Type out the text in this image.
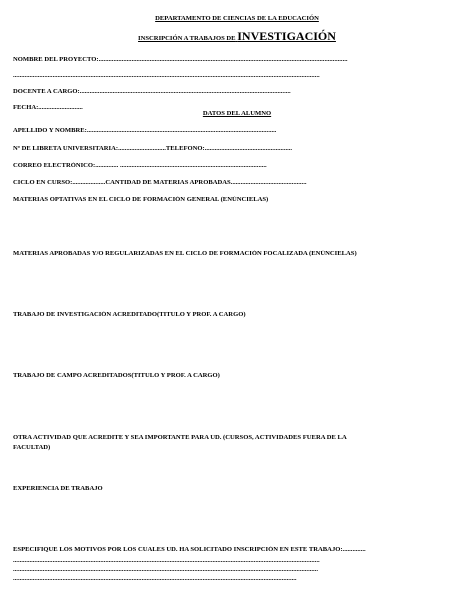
DEPARTAMENTO DE CIENCIAS DE LA EDUCACIÓN
INSCRIPCIÓN A TRABAJOS DE INVESTIGACIÓN
NOMBRE DEL PROYECTO:.......................................................................................................................................................
..........................................................................................................................................................................................
DOCENTE A CARGO:................................................................................................................................
FECHA:...........................
DATOS DEL ALUMNO
APELLIDO Y NOMBRE:...................................................................................................................
Nº DE LIBRETA UNIVERSITARIA:.............................TELEFONO:.....................................................
CORREO ELECTRÓNICO:.............. .........................................................................................
CICLO EN CURSO:....................CANTIDAD DE MATERIAS APROBADAS..............................................
MATERIAS OPTATIVAS EN EL CICLO DE FORMACIÓN GENERAL (ENÚNCIELAS)
MATERIAS APROBADAS Y/O REGULARIZADAS EN EL CICLO DE FORMACIÓN FOCALIZADA (ENÚNCIELAS)
TRABAJO DE INVESTIGACIÓN ACREDITADO(TITULO Y PROF. A CARGO)
TRABAJO DE CAMPO ACREDITADOS(TITULO Y PROF. A CARGO)
OTRA ACTIVIDAD QUE ACREDITE Y SEA IMPORTANTE PARA UD. (CURSOS, ACTIVIDADES FUERA DE LA
FACULTAD)
EXPERIENCIA DE TRABAJO
ESPECIFIQUE LOS MOTIVOS POR LOS CUALES UD. HA SOLICITADO INSCRIPCIÓN EN ESTE TRABAJO:..............
..........................................................................................................................................................................................
.........................................................................................................................................................................................
............................................................................................................................................................................
